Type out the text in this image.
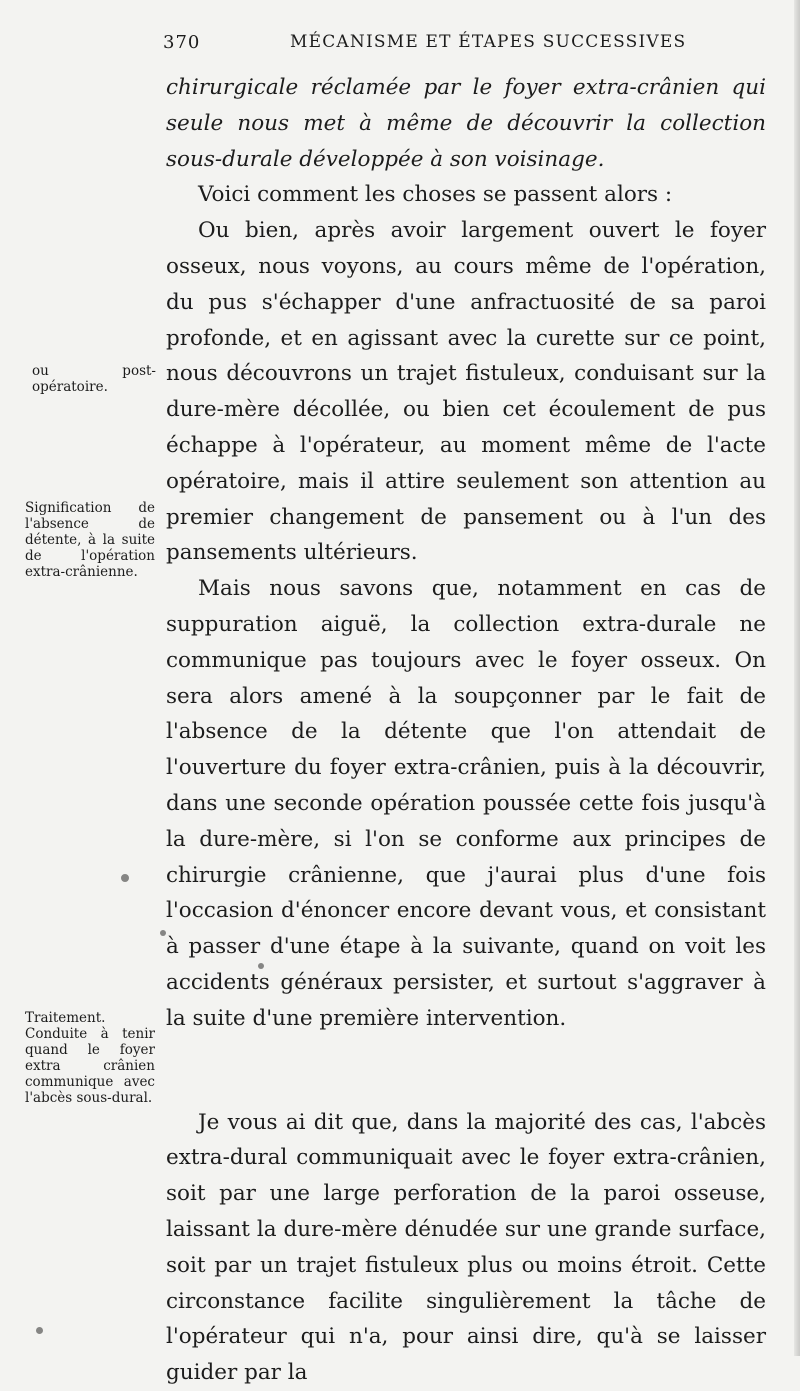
370	MÉCANISME ET ÉTAPES SUCCESSIVES
ou post-opératoire.
Signification de l'absence de détente, à la suite de l'opération extra-crânienne.
Traitement. Conduite à tenir quand le foyer extra crânien communique avec l'abcès sous-dural.

chirurgicale réclamée par le foyer extra-crânien qui seule nous met à même de découvrir la collection sous-durale développée à son voisinage.

Voici comment les choses se passent alors :

Ou bien, après avoir largement ouvert le foyer osseux, nous voyons, au cours même de l'opération, du pus s'échapper d'une anfractuosité de sa paroi profonde, et en agissant avec la curette sur ce point, nous découvrons un trajet fistuleux, conduisant sur la dure-mère décollée, ou bien cet écoulement de pus échappe à l'opérateur, au moment même de l'acte opératoire, mais il attire seulement son attention au premier changement de pansement ou à l'un des pansements ultérieurs.

Mais nous savons que, notamment en cas de suppuration aiguë, la collection extra-durale ne communique pas toujours avec le foyer osseux. On sera alors amené à la soupçonner par le fait de l'absence de la détente que l'on attendait de l'ouverture du foyer extra-crânien, puis à la découvrir, dans une seconde opération poussée cette fois jusqu'à la dure-mère, si l'on se conforme aux principes de chirurgie crânienne, que j'aurai plus d'une fois l'occasion d'énoncer encore devant vous, et consistant à passer d'une étape à la suivante, quand on voit les accidents généraux persister, et surtout s'aggraver à la suite d'une première intervention.

Je vous ai dit que, dans la majorité des cas, l'abcès extra-dural communiquait avec le foyer extra-crânien, soit par une large perforation de la paroi osseuse, laissant la dure-mère dénudée sur une grande surface, soit par un trajet fistuleux plus ou moins étroit. Cette circonstance facilite singulièrement la tâche de l'opérateur qui n'a, pour ainsi dire, qu'à se laisser guider par la
